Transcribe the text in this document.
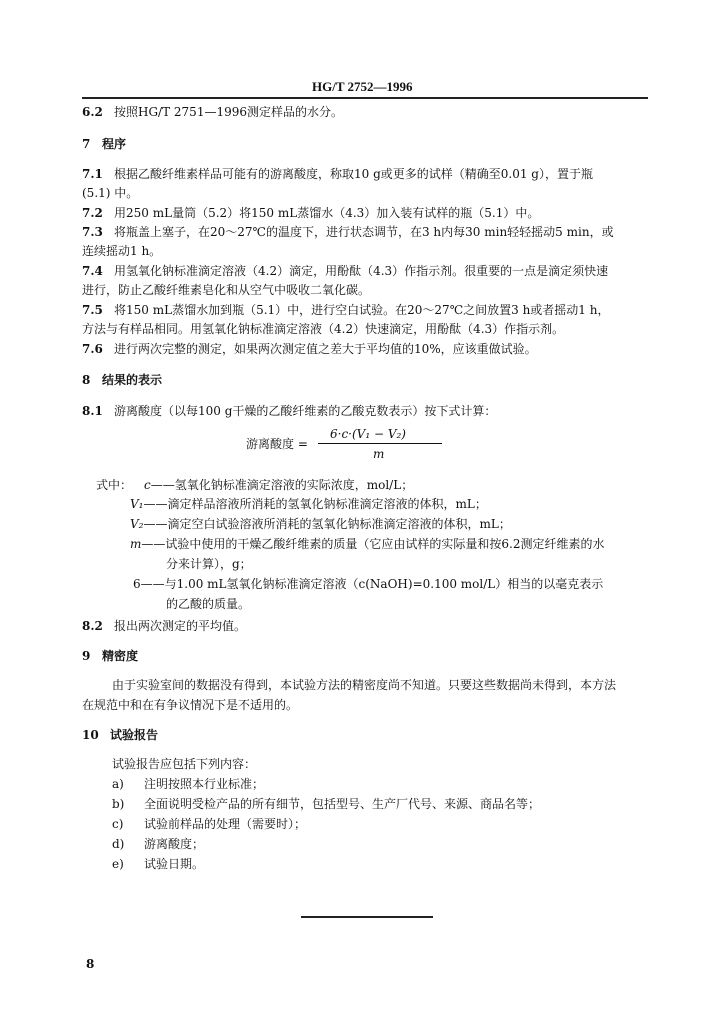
HG/T 2752—1996
6.2 按照HG/T 2751—1996测定样品的水分。
7 程序
7.1 根据乙酸纤维素样品可能有的游离酸度，称取10 g或更多的试样（精确至0.01 g），置于瓶
(5.1) 中。
7.2 用250 mL量筒（5.2）将150 mL蒸馏水（4.3）加入装有试样的瓶（5.1）中。
7.3 将瓶盖上塞子，在20～27℃的温度下，进行状态调节，在3 h内每30 min轻轻摇动5 min，或
连续摇动1 h。
7.4 用氢氧化钠标准滴定溶液（4.2）滴定，用酚酞（4.3）作指示剂。很重要的一点是滴定须快速
进行，防止乙酸纤维素皂化和从空气中吸收二氧化碳。
7.5 将150 mL蒸馏水加到瓶（5.1）中，进行空白试验。在20～27℃之间放置3 h或者摇动1 h，
方法与有样品相同。用氢氧化钠标准滴定溶液（4.2）快速滴定，用酚酞（4.3）作指示剂。
7.6 进行两次完整的测定，如果两次测定值之差大于平均值的10%，应该重做试验。
8 结果的表示
8.1 游离酸度（以每100 g干燥的乙酸纤维素的乙酸克数表示）按下式计算：
游离酸度 =
6·c·(V₁ − V₂)
m
式中： c——氢氧化钠标准滴定溶液的实际浓度，mol/L；
V₁——滴定样品溶液所消耗的氢氧化钠标准滴定溶液的体积，mL；
V₂——滴定空白试验溶液所消耗的氢氧化钠标准滴定溶液的体积，mL；
m——试验中使用的干燥乙酸纤维素的质量（它应由试样的实际量和按6.2测定纤维素的水
分来计算），g；
6——与1.00 mL氢氧化钠标准滴定溶液（c(NaOH)=0.100 mol/L）相当的以毫克表示
的乙酸的质量。
8.2 报出两次测定的平均值。
9 精密度
由于实验室间的数据没有得到，本试验方法的精密度尚不知道。只要这些数据尚未得到，本方法
在规范中和在有争议情况下是不适用的。
10 试验报告
试验报告应包括下列内容：
a) 注明按照本行业标准；
b) 全面说明受检产品的所有细节，包括型号、生产厂代号、来源、商品名等；
c) 试验前样品的处理（需要时）；
d) 游离酸度；
e) 试验日期。
8
